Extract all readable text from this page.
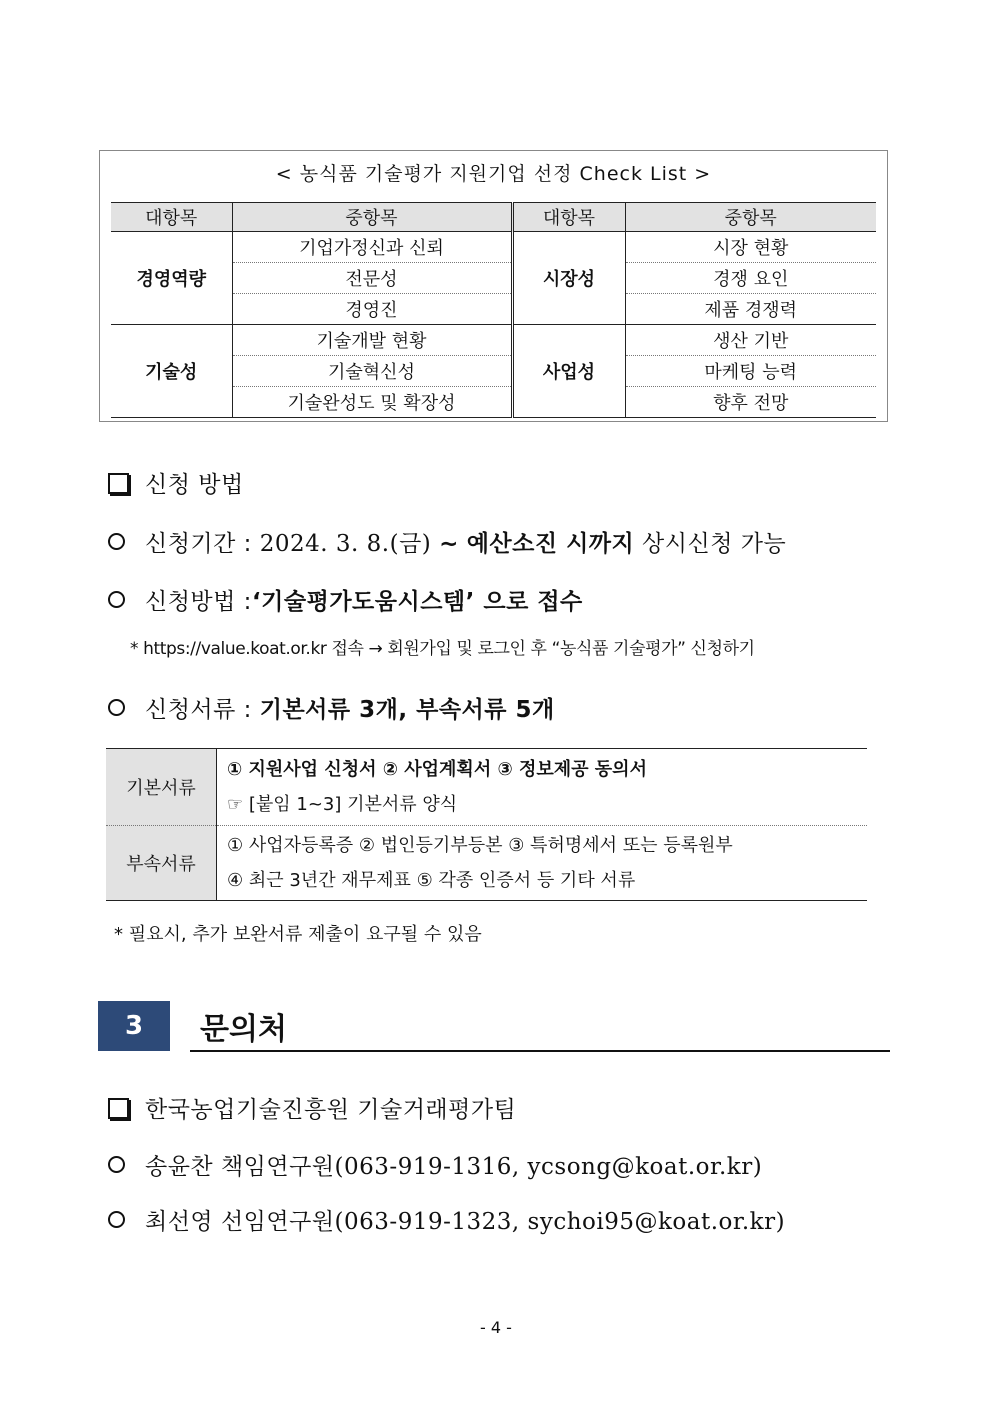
< 농식품 기술평가 지원기업 선정 Check List >
대항목	중항목	대항목	중항목
경영역량	기업가정신과 신뢰	시장성	시장 현황
	전문성		경쟁 요인
	경영진		제품 경쟁력
기술성	기술개발 현황	사업성	생산 기반
	기술혁신성		마케팅 능력
	기술완성도 및 확장성		향후 전망
신청 방법
신청기간 : 2024. 3. 8.(금) ~ 예산소진 시까지 상시신청 가능
신청방법 :‘기술평가도움시스템’ 으로 접수
* https://value.koat.or.kr 접속 → 회원가입 및 로그인 후 “농식품 기술평가” 신청하기
신청서류 : 기본서류 3개, 부속서류 5개
기본서류	① 지원사업 신청서 ② 사업계획서 ③ 정보제공 동의서
☞ [붙임 1~3] 기본서류 양식

부속서류	① 사업자등록증 ② 법인등기부등본 ③ 특허명세서 또는 등록원부
④ 최근 3년간 재무제표 ⑤ 각종 인증서 등 기타 서류
* 필요시, 추가 보완서류 제출이 요구될 수 있음
3	문의처
한국농업기술진흥원 기술거래평가팀
송윤찬 책임연구원(063-919-1316, ycsong@koat.or.kr)
최선영 선임연구원(063-919-1323, sychoi95@koat.or.kr)
- 4 -
